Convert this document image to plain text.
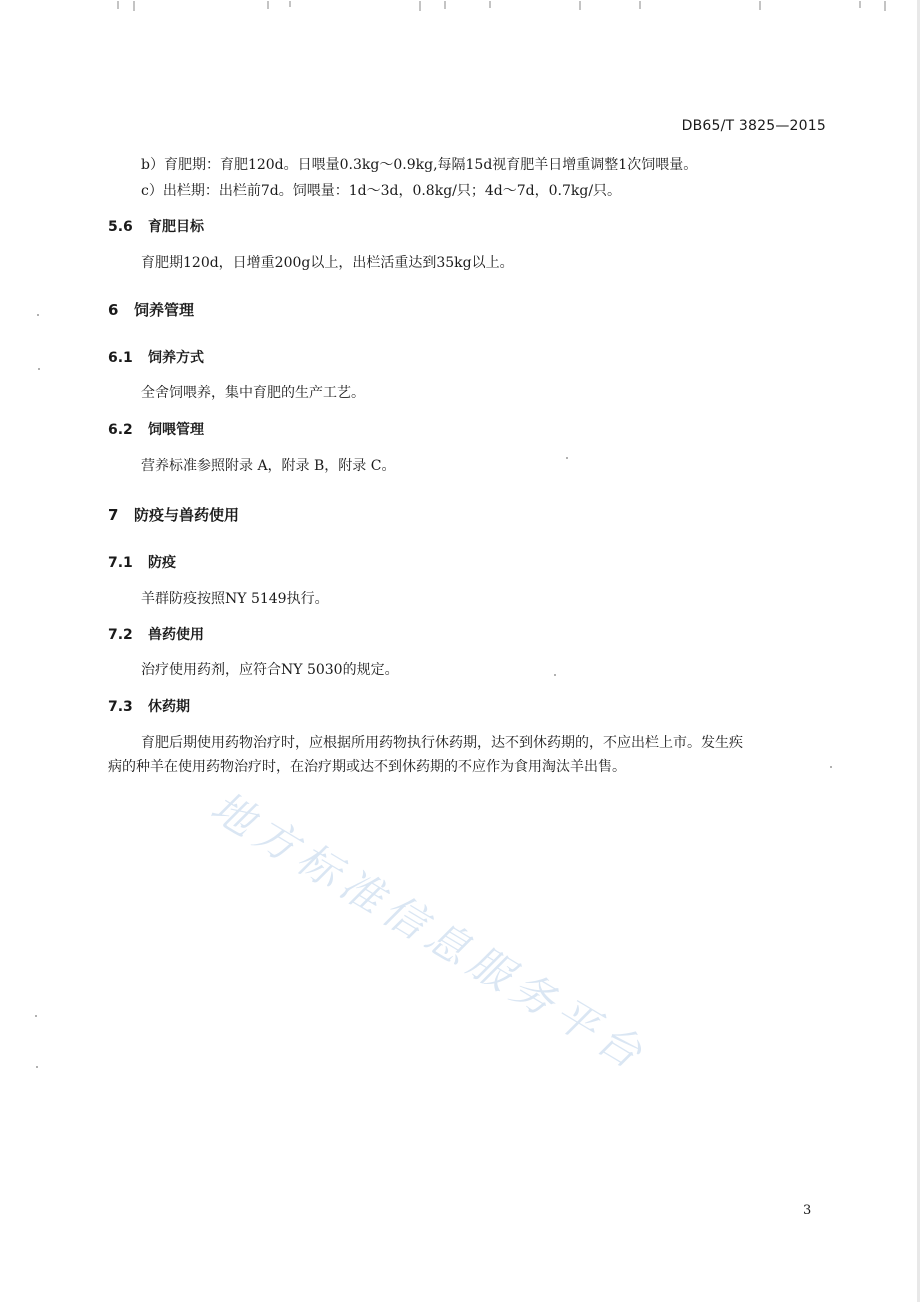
DB65/T 3825—2015
b）育肥期：育肥120d。日喂量0.3kg～0.9kg,每隔15d视育肥羊日增重调整1次饲喂量。
c）出栏期：出栏前7d。饲喂量：1d～3d，0.8kg/只；4d～7d，0.7kg/只。
5.6 育肥目标
育肥期120d，日增重200g以上，出栏活重达到35kg以上。
6 饲养管理
6.1 饲养方式
全舍饲喂养，集中育肥的生产工艺。
6.2 饲喂管理
营养标准参照附录 A，附录 B，附录 C。
7 防疫与兽药使用
7.1 防疫
羊群防疫按照NY 5149执行。
7.2 兽药使用
治疗使用药剂，应符合NY 5030的规定。
7.3 休药期
育肥后期使用药物治疗时，应根据所用药物执行休药期，达不到休药期的，不应出栏上市。发生疾
病的种羊在使用药物治疗时，在治疗期或达不到休药期的不应作为食用淘汰羊出售。
地方标准信息服务平台
3
